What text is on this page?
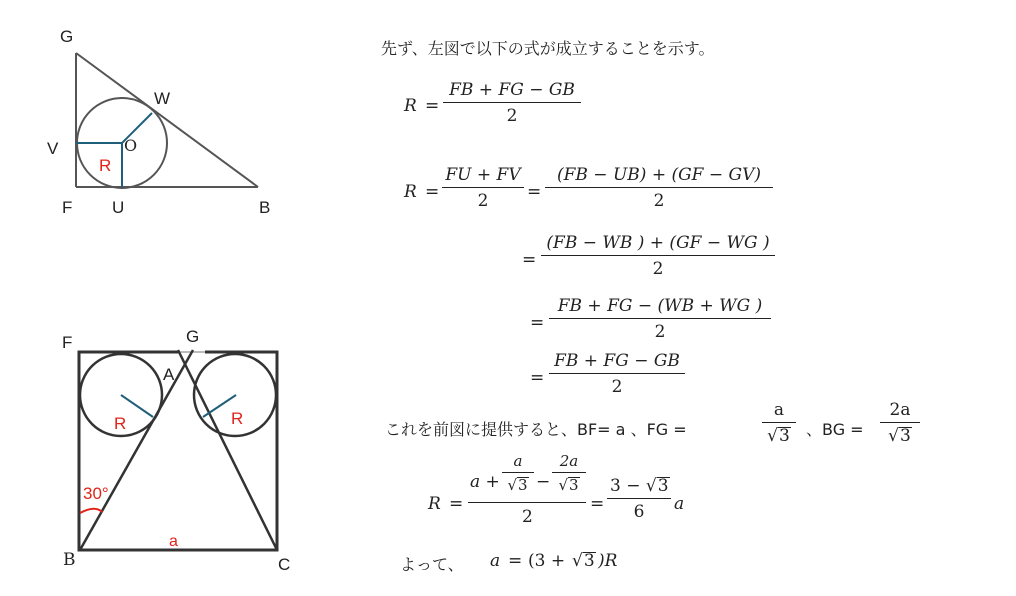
G
W
V	O
R
F U	B
F	G
A
R	R
30°
a
B	C
先ず、左図で以下の式が成立することを示す。
$R = \frac{FB + FG - GB}{2}$
$R = \frac{FU + FV}{2} = \frac{(FB - UB) + (GF - GV)}{2}$
= $\frac{(FB - WB ) + (GF - WG )}{2}$
= $\frac{FB + FG - (WB + WG )}{2}$
= $\frac{FB + FG - GB}{2}$
これを前図に提供すると、BF= a 、FG =	$\frac{a}{√3}$ 、BG = $\frac{2a}{√3}$
R =
$a + \frac{a}{√3} - \frac{2a}{√3}$
2
= $\frac{3 - √3}{6}$ a
よって、 a = (3 + √3 )R
